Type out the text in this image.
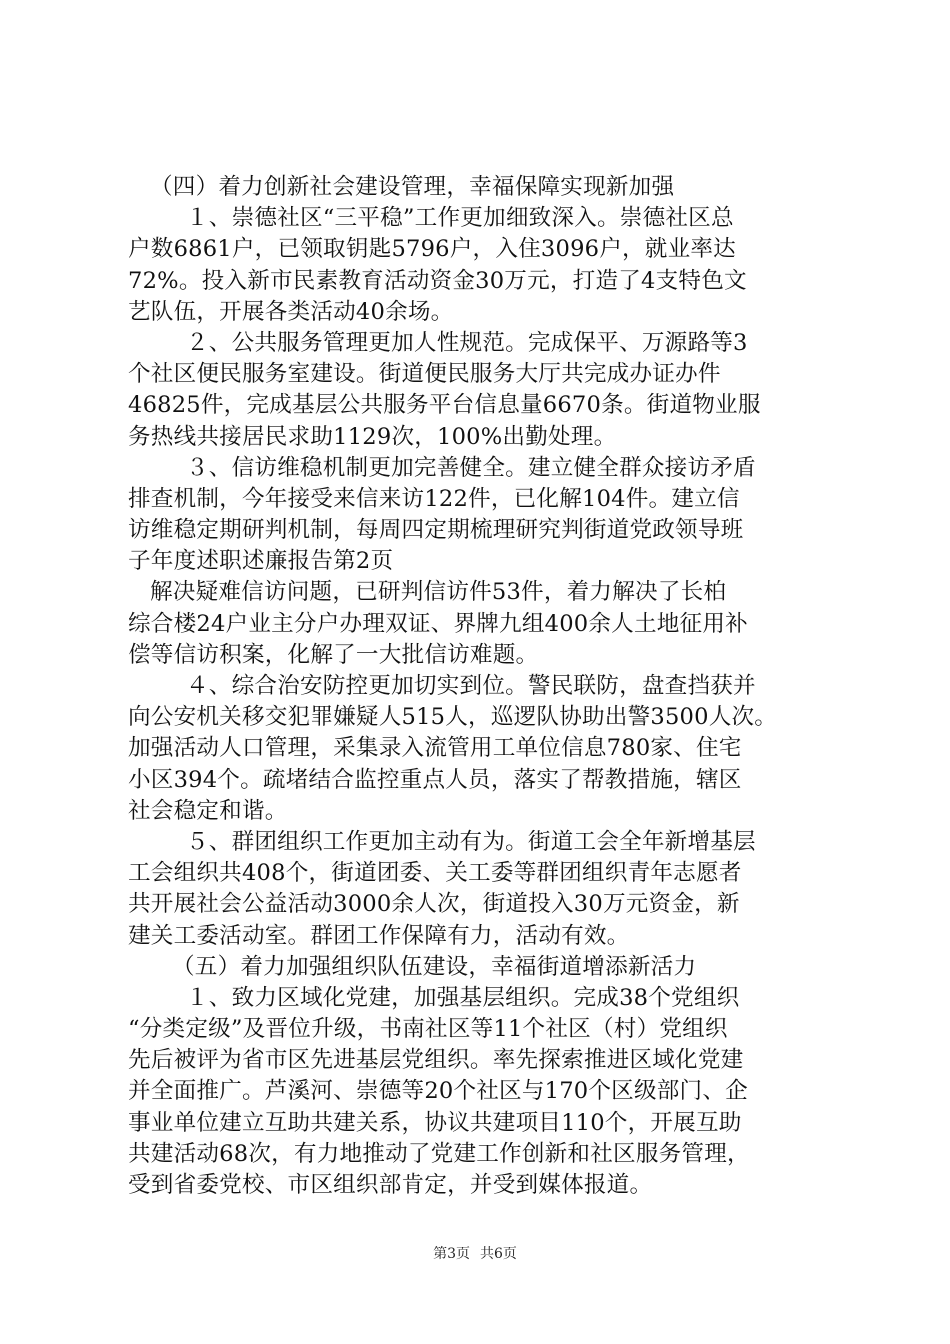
（四）着力创新社会建设管理，幸福保障实现新加强
１、崇德社区“三平稳”工作更加细致深入。崇德社区总
户数6861户，已领取钥匙5796户，入住3096户，就业率达
72%。投入新市民素教育活动资金30万元，打造了4支特色文
艺队伍，开展各类活动40余场。
２、公共服务管理更加人性规范。完成保平、万源路等3
个社区便民服务室建设。街道便民服务大厅共完成办证办件
46825件，完成基层公共服务平台信息量6670条。街道物业服
务热线共接居民求助1129次，100%出勤处理。
３、信访维稳机制更加完善健全。建立健全群众接访矛盾
排查机制，今年接受来信来访122件，已化解104件。建立信
访维稳定期研判机制，每周四定期梳理研究判街道党政领导班
子年度述职述廉报告第2页
解决疑难信访问题，已研判信访件53件，着力解决了长柏
综合楼24户业主分户办理双证、界牌九组400余人土地征用补
偿等信访积案，化解了一大批信访难题。
４、综合治安防控更加切实到位。警民联防，盘查挡获并
向公安机关移交犯罪嫌疑人515人，巡逻队协助出警3500人次。
加强活动人口管理，采集录入流管用工单位信息780家、住宅
小区394个。疏堵结合监控重点人员，落实了帮教措施，辖区
社会稳定和谐。
５、群团组织工作更加主动有为。街道工会全年新增基层
工会组织共408个，街道团委、关工委等群团组织青年志愿者
共开展社会公益活动3000余人次，街道投入30万元资金，新
建关工委活动室。群团工作保障有力，活动有效。
（五）着力加强组织队伍建设，幸福街道增添新活力
１、致力区域化党建，加强基层组织。完成38个党组织
“分类定级”及晋位升级，书南社区等11个社区（村）党组织
先后被评为省市区先进基层党组织。率先探索推进区域化党建
并全面推广。芦溪河、崇德等20个社区与170个区级部门、企
事业单位建立互助共建关系，协议共建项目110个，开展互助
共建活动68次，有力地推动了党建工作创新和社区服务管理，
受到省委党校、市区组织部肯定，并受到媒体报道。
第3页 共6页
